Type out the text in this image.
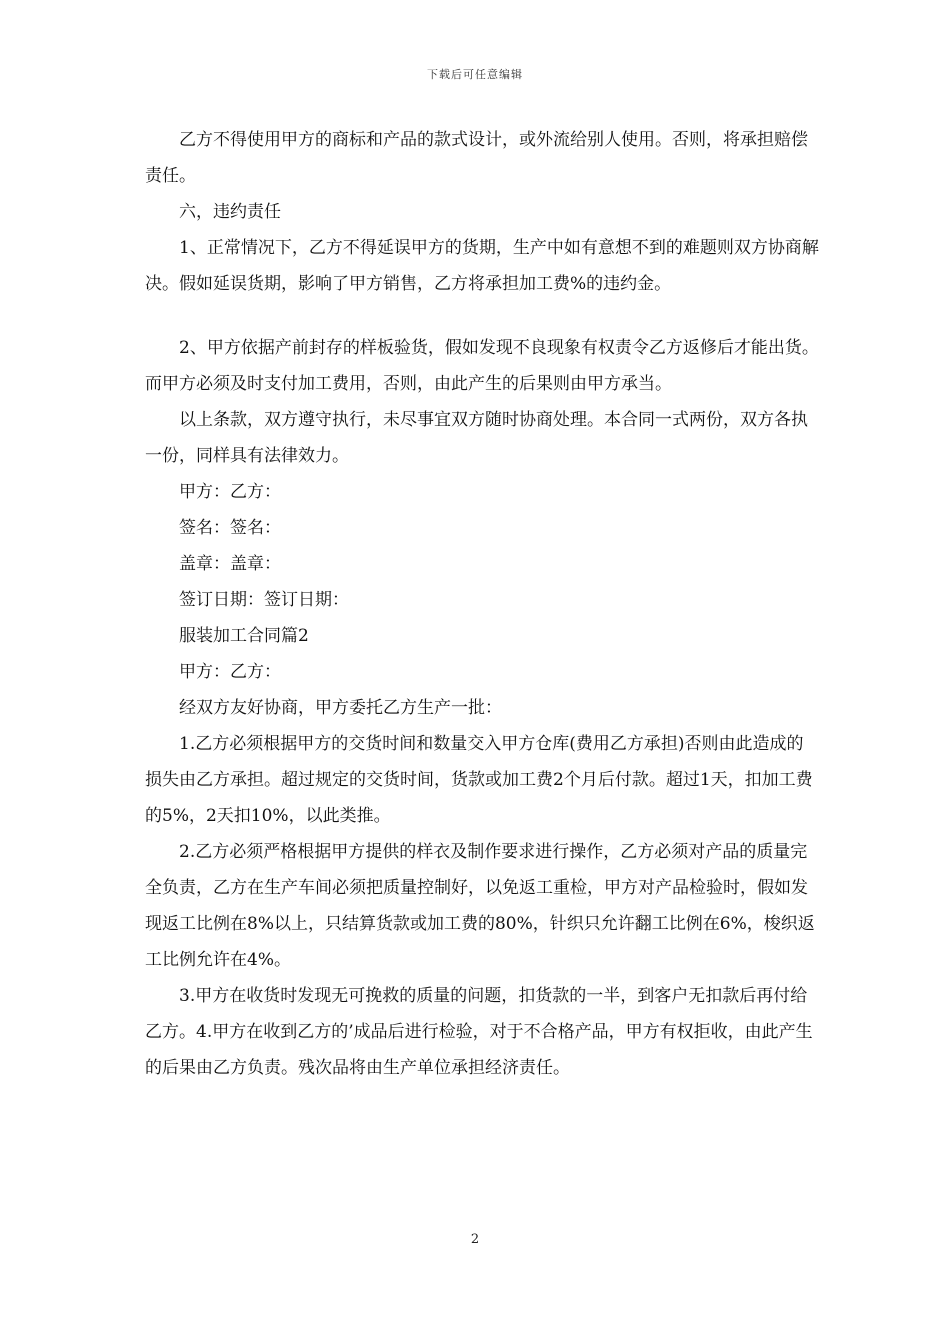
下载后可任意编辑

乙方不得使用甲方的商标和产品的款式设计，或外流给别人使用。否则，将承担赔偿责任。

六，违约责任

1、正常情况下，乙方不得延误甲方的货期，生产中如有意想不到的难题则双方协商解决。假如延误货期，影响了甲方销售，乙方将承担加工费%的违约金。

2、甲方依据产前封存的样板验货，假如发现不良现象有权责令乙方返修后才能出货。而甲方必须及时支付加工费用，否则，由此产生的后果则由甲方承当。

以上条款，双方遵守执行，未尽事宜双方随时协商处理。本合同一式两份，双方各执一份，同样具有法律效力。

甲方：乙方：

签名：签名：

盖章：盖章：

签订日期：签订日期：

服装加工合同篇2

甲方：乙方：

经双方友好协商，甲方委托乙方生产一批：

1.乙方必须根据甲方的交货时间和数量交入甲方仓库(费用乙方承担)否则由此造成的损失由乙方承担。超过规定的交货时间，货款或加工费2个月后付款。超过1天，扣加工费的5%，2天扣10%，以此类推。

2.乙方必须严格根据甲方提供的样衣及制作要求进行操作，乙方必须对产品的质量完全负责，乙方在生产车间必须把质量控制好，以免返工重检，甲方对产品检验时，假如发现返工比例在8%以上，只结算货款或加工费的80%，针织只允许翻工比例在6%，梭织返工比例允许在4%。

3.甲方在收货时发现无可挽救的质量的问题，扣货款的一半，到客户无扣款后再付给乙方。4.甲方在收到乙方的’成品后进行检验，对于不合格产品，甲方有权拒收，由此产生的后果由乙方负责。残次品将由生产单位承担经济责任。

2
